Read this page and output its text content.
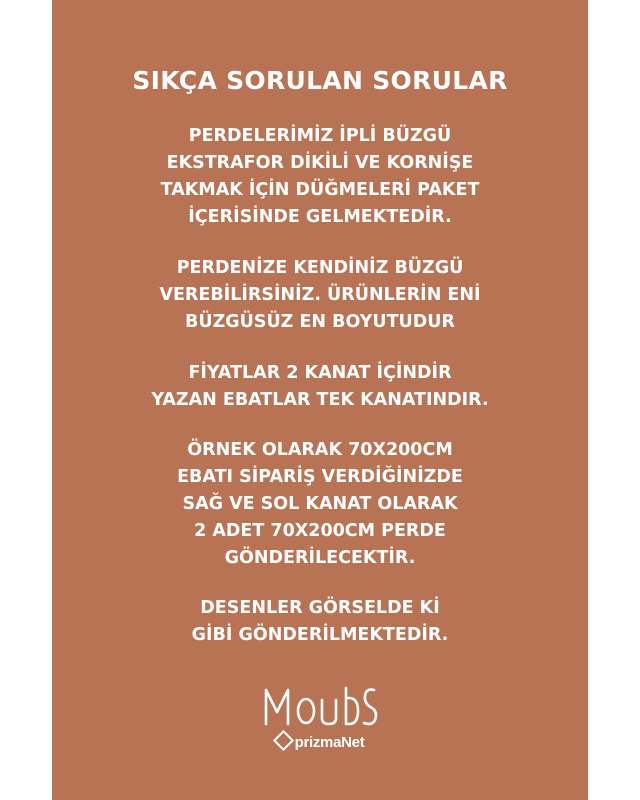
SIKÇA SORULAN SORULAR
PERDELERİMİZ İPLİ BÜZGÜ
EKSTRAFOR DİKİLİ VE KORNİŞE
TAKMAK İÇİN DÜĞMELERİ PAKET
İÇERİSİNDE GELMEKTEDİR.
PERDENİZE KENDİNİZ BÜZGÜ
VEREBİLİRSİNİZ. ÜRÜNLERİN ENİ
BÜZGÜSÜZ EN BOYUTUDUR
FİYATLAR 2 KANAT İÇİNDİR
YAZAN EBATLAR TEK KANATINDIR.
ÖRNEK OLARAK 70X200CM
EBATI SİPARİŞ VERDİĞİNİZDE
SAĞ VE SOL KANAT OLARAK
2 ADET 70X200CM PERDE
GÖNDERİLECEKTİR.
DESENLER GÖRSELDE Kİ
GİBİ GÖNDERİLMEKTEDİR.
prizmaNet
